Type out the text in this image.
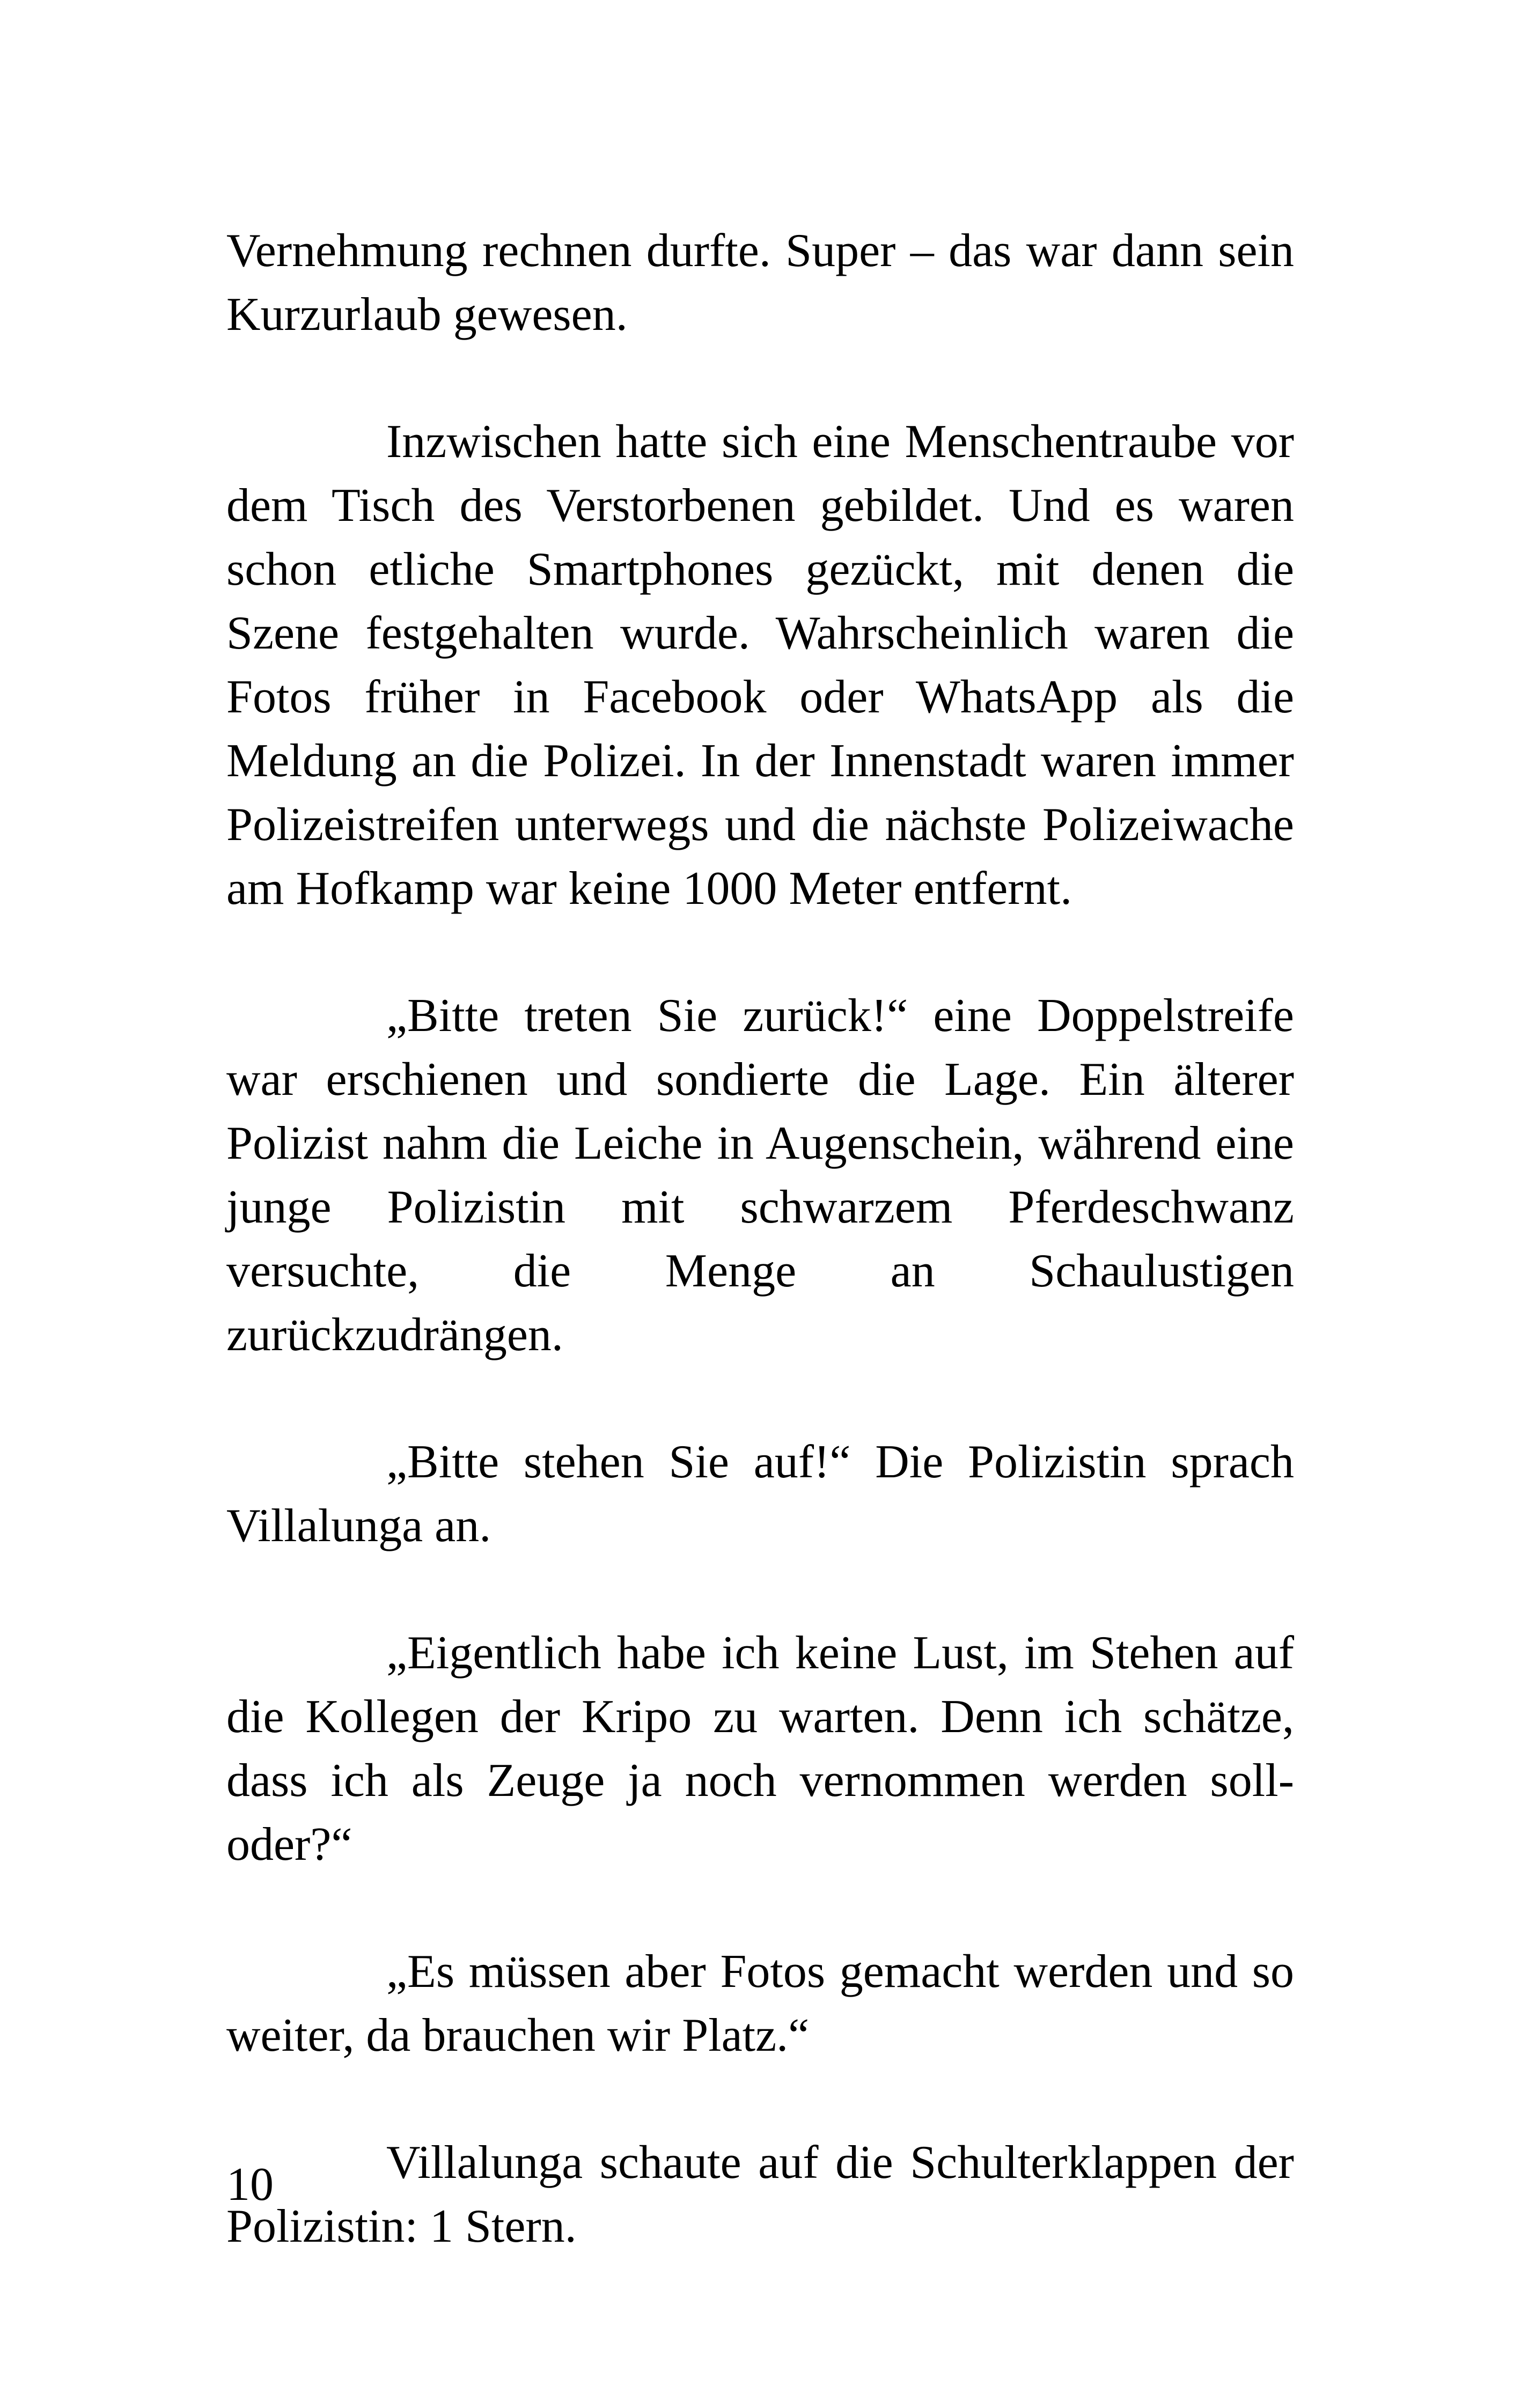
Vernehmung rechnen durfte. Super – das war dann sein Kurzurlaub gewesen.

Inzwischen hatte sich eine Menschentraube vor dem Tisch des Verstorbenen gebildet. Und es waren schon etliche Smartphones gezückt, mit denen die Szene festgehalten wurde. Wahrscheinlich waren die Fotos früher in Facebook oder WhatsApp als die Meldung an die Polizei. In der Innenstadt waren immer Polizeistreifen unterwegs und die nächste Polizeiwache am Hofkamp war keine 1000 Meter entfernt.

„Bitte treten Sie zurück!“ eine Doppelstreife war erschienen und sondierte die Lage. Ein älterer Polizist nahm die Leiche in Augenschein, während eine junge Polizistin mit schwarzem Pferdeschwanz versuchte, die Menge an Schaulustigen zurückzudrängen.

„Bitte stehen Sie auf!“ Die Polizistin sprach Villalunga an.

„Eigentlich habe ich keine Lust, im Stehen auf die Kollegen der Kripo zu warten. Denn ich schätze, dass ich als Zeuge ja noch vernommen werden soll- oder?“

„Es müssen aber Fotos gemacht werden und so weiter, da brauchen wir Platz.“

Villalunga schaute auf die Schulterklappen der Polizistin: 1 Stern.

10
